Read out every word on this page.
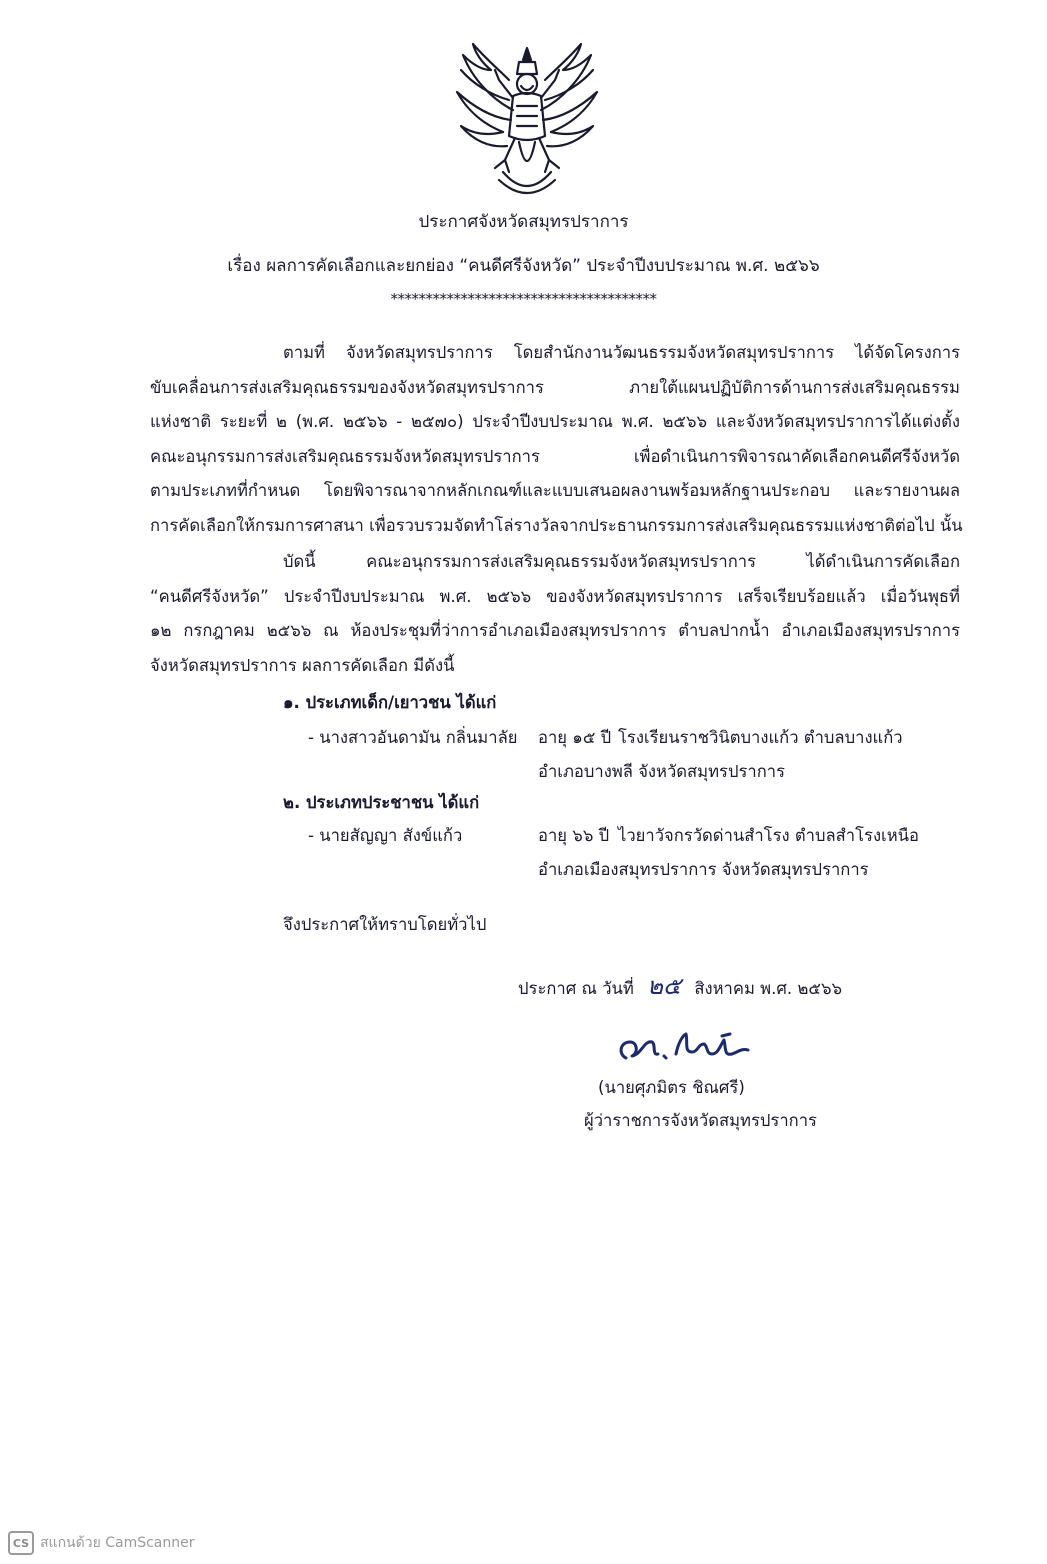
ประกาศจังหวัดสมุทรปราการ
เรื่อง ผลการคัดเลือกและยกย่อง “คนดีศรีจังหวัด” ประจำปีงบประมาณ พ.ศ. ๒๕๖๖
**************************************
ตามที่ จังหวัดสมุทรปราการ โดยสำนักงานวัฒนธรรมจังหวัดสมุทรปราการ ได้จัดโครงการ
ขับเคลื่อนการส่งเสริมคุณธรรมของจังหวัดสมุทรปราการ ภายใต้แผนปฏิบัติการด้านการส่งเสริมคุณธรรม
แห่งชาติ ระยะที่ ๒ (พ.ศ. ๒๕๖๖ - ๒๕๗๐) ประจำปีงบประมาณ พ.ศ. ๒๕๖๖ และจังหวัดสมุทรปราการได้แต่งตั้ง
คณะอนุกรรมการส่งเสริมคุณธรรมจังหวัดสมุทรปราการ เพื่อดำเนินการพิจารณาคัดเลือกคนดีศรีจังหวัด
ตามประเภทที่กำหนด โดยพิจารณาจากหลักเกณฑ์และแบบเสนอผลงานพร้อมหลักฐานประกอบ และรายงานผล
การคัดเลือกให้กรมการศาสนา เพื่อรวบรวมจัดทำโล่รางวัลจากประธานกรรมการส่งเสริมคุณธรรมแห่งชาติต่อไป นั้น
บัดนี้ คณะอนุกรรมการส่งเสริมคุณธรรมจังหวัดสมุทรปราการ ได้ดำเนินการคัดเลือก
“คนดีศรีจังหวัด” ประจำปีงบประมาณ พ.ศ. ๒๕๖๖ ของจังหวัดสมุทรปราการ เสร็จเรียบร้อยแล้ว เมื่อวันพุธที่
๑๒ กรกฎาคม ๒๕๖๖ ณ ห้องประชุมที่ว่าการอำเภอเมืองสมุทรปราการ ตำบลปากน้ำ อำเภอเมืองสมุทรปราการ
จังหวัดสมุทรปราการ ผลการคัดเลือก มีดังนี้
๑. ประเภทเด็ก/เยาวชน ได้แก่
- นางสาวอันดามัน กลิ่นมาลัย อายุ ๑๕ ปี โรงเรียนราชวินิตบางแก้ว ตำบลบางแก้ว
อำเภอบางพลี จังหวัดสมุทรปราการ
๒. ประเภทประชาชน ได้แก่
- นายสัญญา สังข์แก้ว	อายุ ๖๖ ปี ไวยาวัจกรวัดด่านสำโรง ตำบลสำโรงเหนือ
อำเภอเมืองสมุทรปราการ จังหวัดสมุทรปราการ
จึงประกาศให้ทราบโดยทั่วไป
ประกาศ ณ วันที่ ๒๕ สิงหาคม พ.ศ. ๒๕๖๖
(นายศุภมิตร ชิณศรี)
ผู้ว่าราชการจังหวัดสมุทรปราการ
CS สแกนด้วย CamScanner
